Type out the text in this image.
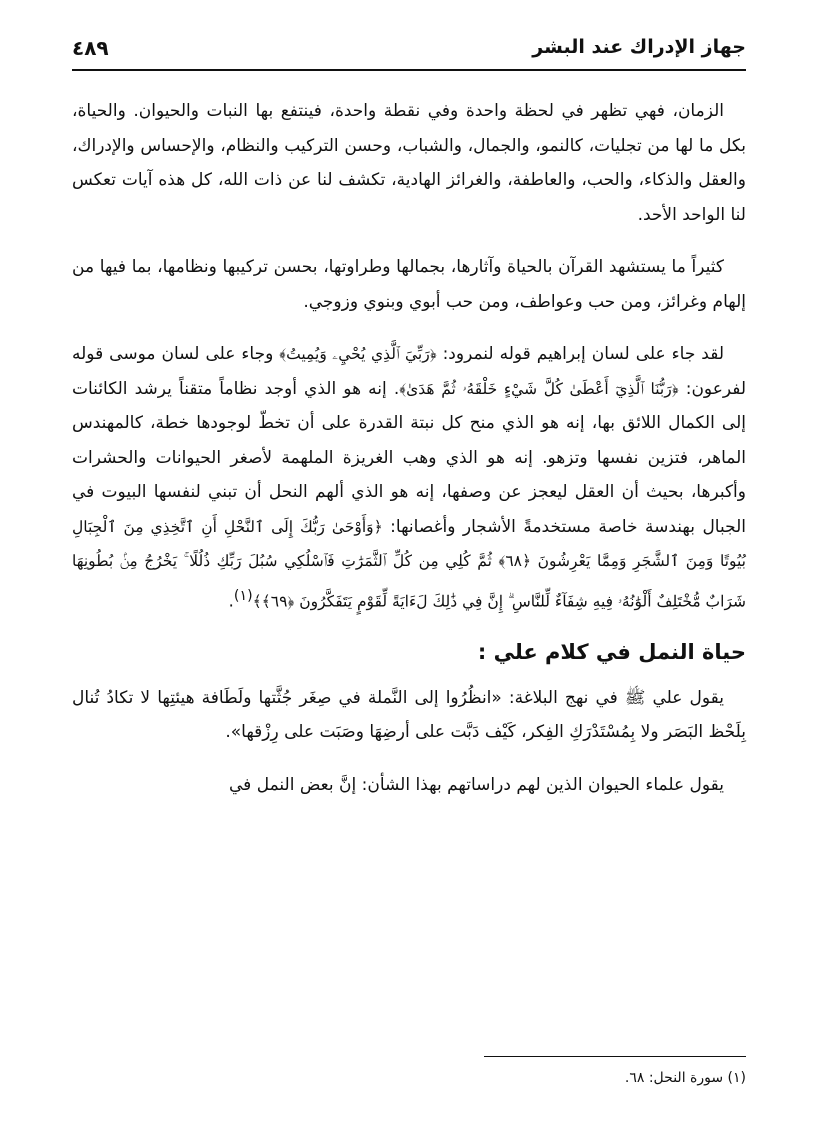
جهاز الإدراك عند البشر
٤٨٩

الزمان، فهي تظهر في لحظة واحدة وفي نقطة واحدة، فينتفع بها النبات والحيوان. والحياة، بكل ما لها من تجليات، كالنمو، والجمال، والشباب، وحسن التركيب والنظام، والإحساس والإدراك، والعقل والذكاء، والحب، والعاطفة، والغرائز الهادية، تكشف لنا عن ذات الله، كل هذه آيات تعكس لنا الواحد الأحد.

كثيراً ما يستشهد القرآن بالحياة وآثارها، بجمالها وطراوتها، بحسن تركيبها ونظامها، بما فيها من إلهام وغرائز، ومن حب وعواطف، ومن حب أبوي وبنوي وزوجي.

لقد جاء على لسان إبراهيم قوله لنمرود: ﴿رَبِّيَ ٱلَّذِي يُحْيِۦ وَيُمِيتُ﴾ وجاء على لسان موسى قوله لفرعون: ﴿رَبُّنَا ٱلَّذِيٓ أَعْطَىٰ كُلَّ شَيْءٍ خَلْقَهُۥ ثُمَّ هَدَىٰ﴾. إنه هو الذي أوجد نظاماً متقناً يرشد الكائنات إلى الكمال اللائق بها، إنه هو الذي منح كل نبتة القدرة على أن تخطّ لوجودها خطة، كالمهندس الماهر، فتزين نفسها وتزهو. إنه هو الذي وهب الغريزة الملهمة لأصغر الحيوانات والحشرات وأكبرها، بحيث أن العقل ليعجز عن وصفها، إنه هو الذي ألهم النحل أن تبني لنفسها البيوت في الجبال بهندسة خاصة مستخدمةً الأشجار وأغصانها: ﴿وَأَوْحَىٰ رَبُّكَ إِلَى ٱلنَّحْلِ أَنِ ٱتَّخِذِي مِنَ ٱلْجِبَالِ بُيُوتًا وَمِنَ ٱلشَّجَرِ وَمِمَّا يَعْرِشُونَ ﴿٦٨﴾ ثُمَّ كُلِي مِن كُلِّ ٱلثَّمَرَٰتِ فَٱسْلُكِي سُبُلَ رَبِّكِ ذُلُلًا ۚ يَخْرُجُ مِنۢ بُطُونِهَا شَرَابٌ مُّخْتَلِفٌ أَلْوَٰنُهُۥ فِيهِ شِفَآءٌ لِّلنَّاسِ ۗ إِنَّ فِي ذَٰلِكَ لَءَايَةً لِّقَوْمٍ يَتَفَكَّرُونَ ﴿٦٩﴾﴾$^{(١)}$.

حياة النمل في كلام علي :

يقول علي ﷺ في نهج البلاغة: «انظُرُوا إلى النَّملة في صِغَر جُثَّتها ولَطَافة هيئتِها لا تكادُ تُنال بِلَحْظ البَصَر ولا بِمُسْتَدْرَكِ الفِكر، كَيْف دَبَّت على أرضِهَا وصَبَت على رِزْقها».

يقول علماء الحيوان الذين لهم دراساتهم بهذا الشأن: إنَّ بعض النمل في

(١) سورة النحل: ٦٨.
